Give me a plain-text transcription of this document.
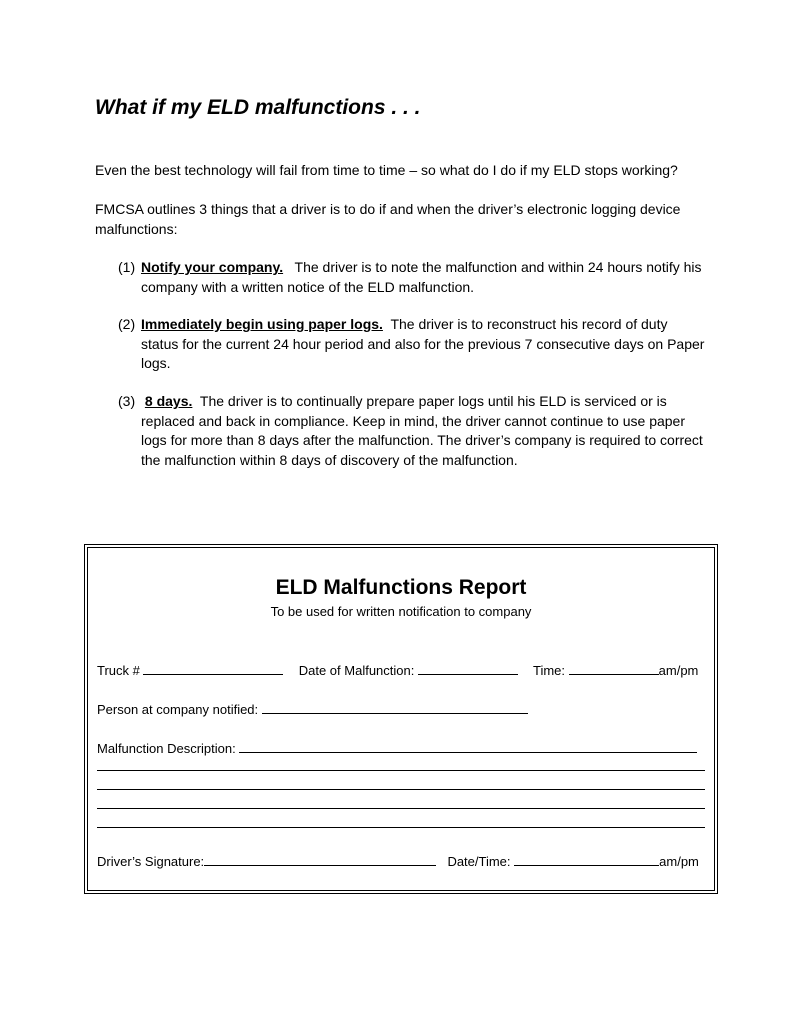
What if my ELD malfunctions . . .

Even the best technology will fail from time to time – so what do I do if my ELD stops working?

FMCSA outlines 3 things that a driver is to do if and when the driver’s electronic logging device malfunctions:

(1) Notify your company. The driver is to note the malfunction and within 24 hours notify his company with a written notice of the ELD malfunction.
(2) Immediately begin using paper logs. The driver is to reconstruct his record of duty status for the current 24 hour period and also for the previous 7 consecutive days on Paper logs.
(3) 8 days. The driver is to continually prepare paper logs until his ELD is serviced or is replaced and back in compliance. Keep in mind, the driver cannot continue to use paper logs for more than 8 days after the malfunction. The driver’s company is required to correct the malfunction within 8 days of discovery of the malfunction.
ELD Malfunctions Report
To be used for written notification to company
Truck #	Date of Malfunction:	Time:	am/pm
Person at company notified:
Malfunction Description:
Driver’s Signature:	Date/Time:	am/pm
